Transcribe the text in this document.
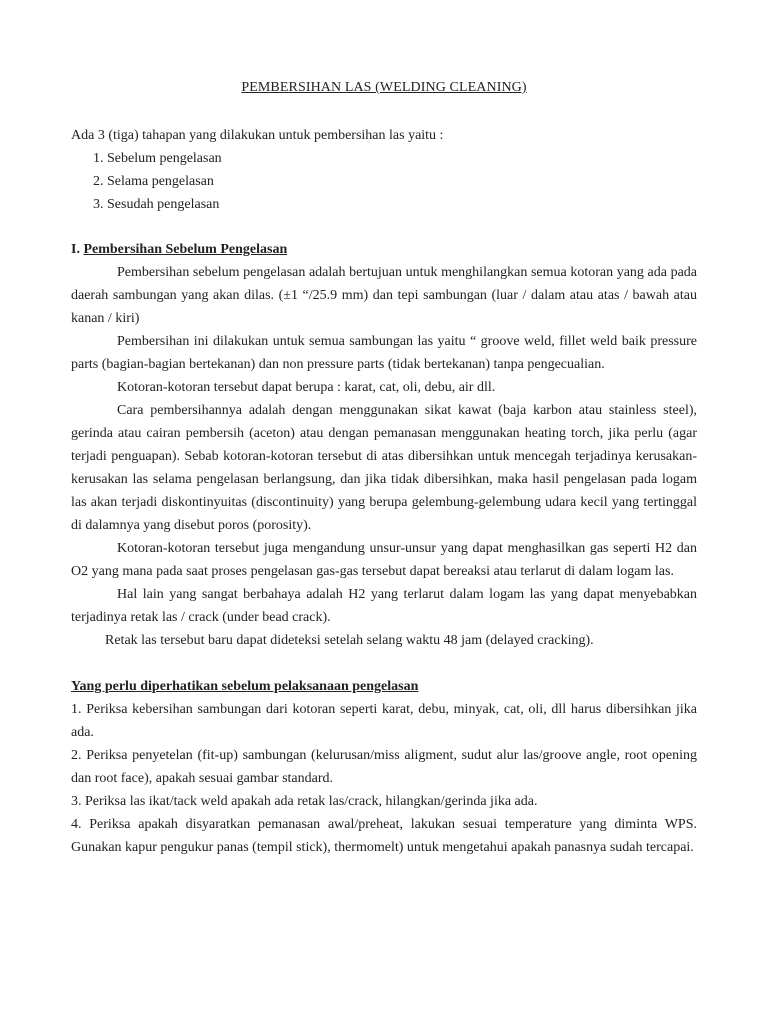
PEMBERSIHAN LAS (WELDING CLEANING)

Ada 3 (tiga) tahapan yang dilakukan untuk pembersihan las yaitu :

1. Sebelum pengelasan

2. Selama pengelasan

3. Sesudah pengelasan

I. Pembersihan Sebelum Pengelasan

Pembersihan sebelum pengelasan adalah bertujuan untuk menghilangkan semua kotoran yang ada pada daerah sambungan yang akan dilas. (±1 “/25.9 mm) dan tepi sambungan (luar / dalam atau atas / bawah atau kanan / kiri)

Pembersihan ini dilakukan untuk semua sambungan las yaitu “ groove weld, fillet weld baik pressure parts (bagian-bagian bertekanan) dan non pressure parts (tidak bertekanan) tanpa pengecualian.

Kotoran-kotoran tersebut dapat berupa : karat, cat, oli, debu, air dll.

Cara pembersihannya adalah dengan menggunakan sikat kawat (baja karbon atau stainless steel), gerinda atau cairan pembersih (aceton) atau dengan pemanasan menggunakan heating torch, jika perlu (agar terjadi penguapan). Sebab kotoran-kotoran tersebut di atas dibersihkan untuk mencegah terjadinya kerusakan-kerusakan las selama pengelasan berlangsung, dan jika tidak dibersihkan, maka hasil pengelasan pada logam las akan terjadi diskontinyuitas (discontinuity) yang berupa gelembung-gelembung udara kecil yang tertinggal di dalamnya yang disebut poros (porosity).

Kotoran-kotoran tersebut juga mengandung unsur-unsur yang dapat menghasilkan gas seperti H2 dan O2 yang mana pada saat proses pengelasan gas-gas tersebut dapat bereaksi atau terlarut di dalam logam las.

Hal lain yang sangat berbahaya adalah H2 yang terlarut dalam logam las yang dapat menyebabkan terjadinya retak las / crack (under bead crack).

Retak las tersebut baru dapat dideteksi setelah selang waktu 48 jam (delayed cracking).

Yang perlu diperhatikan sebelum pelaksanaan pengelasan

1. Periksa kebersihan sambungan dari kotoran seperti karat, debu, minyak, cat, oli, dll harus dibersihkan jika ada.

2. Periksa penyetelan (fit-up) sambungan (kelurusan/miss aligment, sudut alur las/groove angle, root opening dan root face), apakah sesuai gambar standard.

3. Periksa las ikat/tack weld apakah ada retak las/crack, hilangkan/gerinda jika ada.

4. Periksa apakah disyaratkan pemanasan awal/preheat, lakukan sesuai temperature yang diminta WPS. Gunakan kapur pengukur panas (tempil stick), thermomelt) untuk mengetahui apakah panasnya sudah tercapai.
